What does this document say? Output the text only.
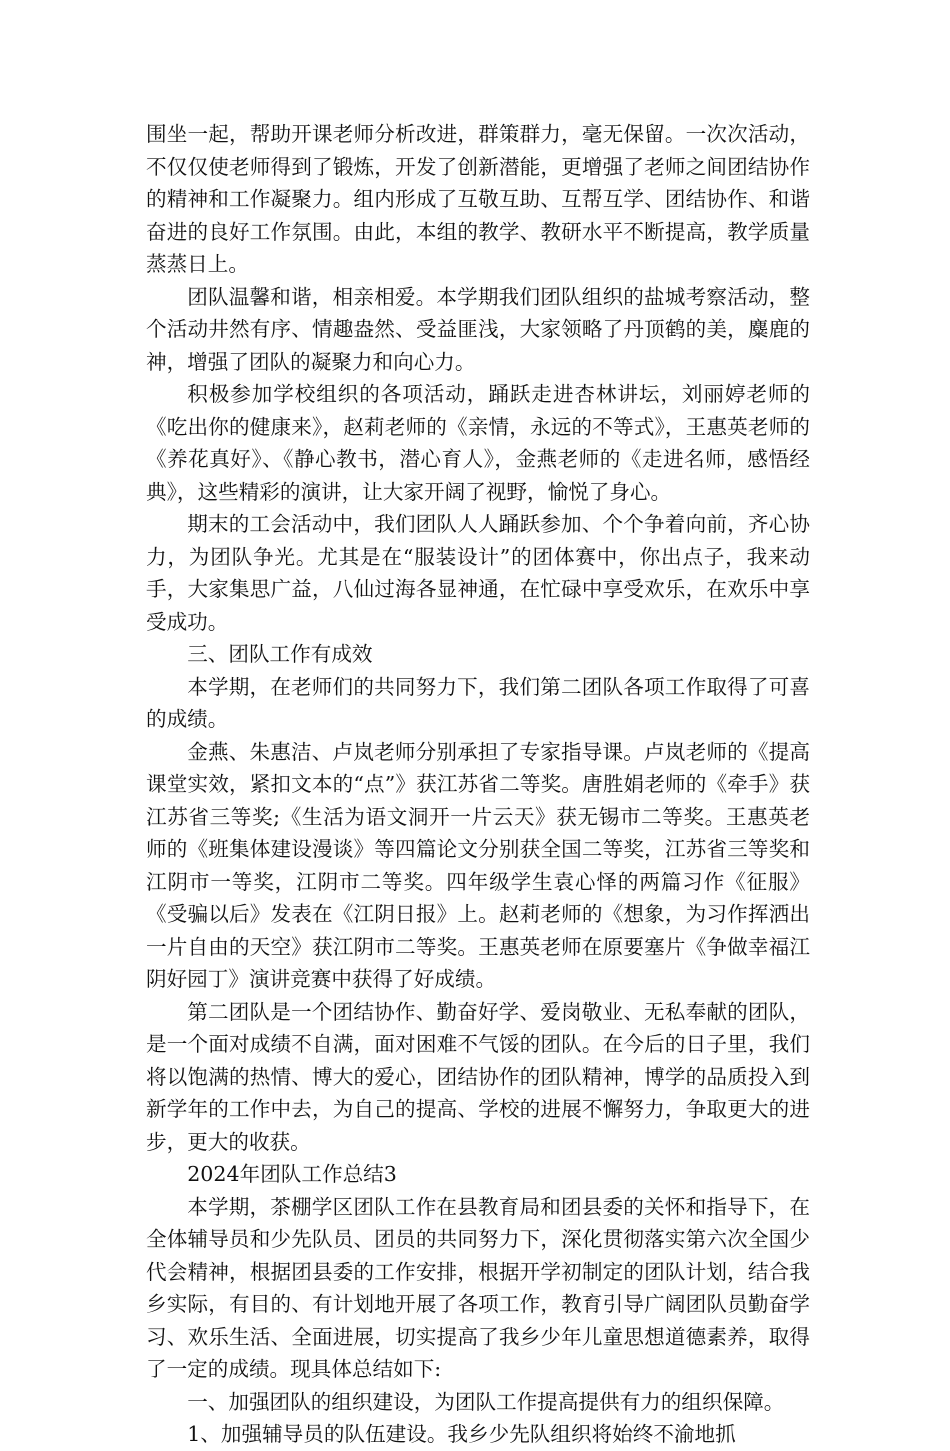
围坐一起，帮助开课老师分析改进，群策群力，毫无保留。一次次活动，不仅仅使老师得到了锻炼，开发了创新潜能，更增强了老师之间团结协作的精神和工作凝聚力。组内形成了互敬互助、互帮互学、团结协作、和谐奋进的良好工作氛围。由此，本组的教学、教研水平不断提高，教学质量蒸蒸日上。

团队温馨和谐，相亲相爱。本学期我们团队组织的盐城考察活动，整个活动井然有序、情趣盎然、受益匪浅，大家领略了丹顶鹤的美，麋鹿的神，增强了团队的凝聚力和向心力。

积极参加学校组织的各项活动，踊跃走进杏林讲坛，刘丽婷老师的《吃出你的健康来》，赵莉老师的《亲情，永远的不等式》，王惠英老师的《养花真好》、《静心教书，潜心育人》，金燕老师的《走进名师，感悟经典》，这些精彩的演讲，让大家开阔了视野，愉悦了身心。

期末的工会活动中，我们团队人人踊跃参加、个个争着向前，齐心协力，为团队争光。尤其是在“服装设计”的团体赛中，你出点子，我来动手，大家集思广益，八仙过海各显神通，在忙碌中享受欢乐，在欢乐中享受成功。

三、团队工作有成效

本学期，在老师们的共同努力下，我们第二团队各项工作取得了可喜的成绩。

金燕、朱惠洁、卢岚老师分别承担了专家指导课。卢岚老师的《提高课堂实效，紧扣文本的“点”》获江苏省二等奖。唐胜娟老师的《牵手》获江苏省三等奖;《生活为语文洞开一片云天》获无锡市二等奖。王惠英老师的《班集体建设漫谈》等四篇论文分别获全国二等奖，江苏省三等奖和江阴市一等奖，江阴市二等奖。四年级学生袁心怿的两篇习作《征服》《受骗以后》发表在《江阴日报》上。赵莉老师的《想象，为习作挥洒出一片自由的天空》获江阴市二等奖。王惠英老师在原要塞片《争做幸福江阴好园丁》演讲竞赛中获得了好成绩。

第二团队是一个团结协作、勤奋好学、爱岗敬业、无私奉献的团队，是一个面对成绩不自满，面对困难不气馁的团队。在今后的日子里，我们将以饱满的热情、博大的爱心，团结协作的团队精神，博学的品质投入到新学年的工作中去，为自己的提高、学校的进展不懈努力，争取更大的进步，更大的收获。

2024年团队工作总结3

本学期，茶棚学区团队工作在县教育局和团县委的关怀和指导下，在全体辅导员和少先队员、团员的共同努力下，深化贯彻落实第六次全国少代会精神，根据团县委的工作安排，根据开学初制定的团队计划，结合我乡实际，有目的、有计划地开展了各项工作，教育引导广阔团队员勤奋学习、欢乐生活、全面进展，切实提高了我乡少年儿童思想道德素养，取得了一定的成绩。现具体总结如下:

一、加强团队的组织建设，为团队工作提高提供有力的组织保障。

1、加强辅导员的队伍建设。我乡少先队组织将始终不渝地抓
